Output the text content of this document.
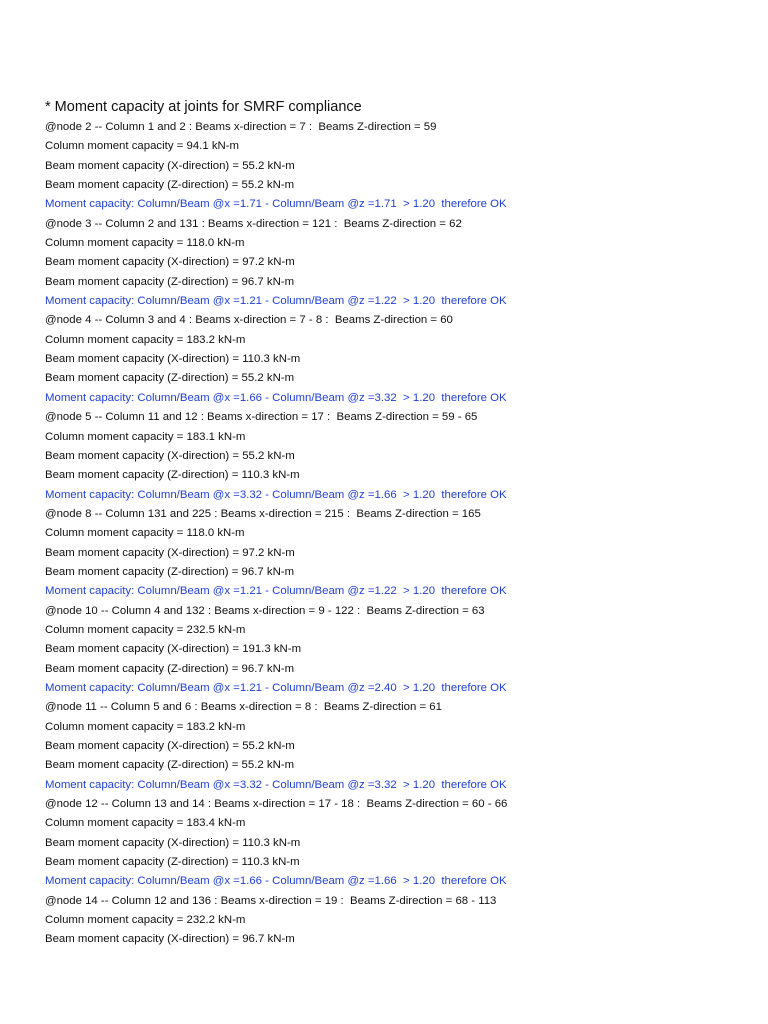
* Moment capacity at joints for SMRF compliance
@node 2 -- Column 1 and 2 : Beams x-direction = 7 :  Beams Z-direction = 59
Column moment capacity = 94.1 kN-m
Beam moment capacity (X-direction) = 55.2 kN-m
Beam moment capacity (Z-direction) = 55.2 kN-m
Moment capacity: Column/Beam @x =1.71 - Column/Beam @z =1.71  > 1.20  therefore OK
@node 3 -- Column 2 and 131 : Beams x-direction = 121 :  Beams Z-direction = 62
Column moment capacity = 118.0 kN-m
Beam moment capacity (X-direction) = 97.2 kN-m
Beam moment capacity (Z-direction) = 96.7 kN-m
Moment capacity: Column/Beam @x =1.21 - Column/Beam @z =1.22  > 1.20  therefore OK
@node 4 -- Column 3 and 4 : Beams x-direction = 7 - 8 :  Beams Z-direction = 60
Column moment capacity = 183.2 kN-m
Beam moment capacity (X-direction) = 110.3 kN-m
Beam moment capacity (Z-direction) = 55.2 kN-m
Moment capacity: Column/Beam @x =1.66 - Column/Beam @z =3.32  > 1.20  therefore OK
@node 5 -- Column 11 and 12 : Beams x-direction = 17 :  Beams Z-direction = 59 - 65
Column moment capacity = 183.1 kN-m
Beam moment capacity (X-direction) = 55.2 kN-m
Beam moment capacity (Z-direction) = 110.3 kN-m
Moment capacity: Column/Beam @x =3.32 - Column/Beam @z =1.66  > 1.20  therefore OK
@node 8 -- Column 131 and 225 : Beams x-direction = 215 :  Beams Z-direction = 165
Column moment capacity = 118.0 kN-m
Beam moment capacity (X-direction) = 97.2 kN-m
Beam moment capacity (Z-direction) = 96.7 kN-m
Moment capacity: Column/Beam @x =1.21 - Column/Beam @z =1.22  > 1.20  therefore OK
@node 10 -- Column 4 and 132 : Beams x-direction = 9 - 122 :  Beams Z-direction = 63
Column moment capacity = 232.5 kN-m
Beam moment capacity (X-direction) = 191.3 kN-m
Beam moment capacity (Z-direction) = 96.7 kN-m
Moment capacity: Column/Beam @x =1.21 - Column/Beam @z =2.40  > 1.20  therefore OK
@node 11 -- Column 5 and 6 : Beams x-direction = 8 :  Beams Z-direction = 61
Column moment capacity = 183.2 kN-m
Beam moment capacity (X-direction) = 55.2 kN-m
Beam moment capacity (Z-direction) = 55.2 kN-m
Moment capacity: Column/Beam @x =3.32 - Column/Beam @z =3.32  > 1.20  therefore OK
@node 12 -- Column 13 and 14 : Beams x-direction = 17 - 18 :  Beams Z-direction = 60 - 66
Column moment capacity = 183.4 kN-m
Beam moment capacity (X-direction) = 110.3 kN-m
Beam moment capacity (Z-direction) = 110.3 kN-m
Moment capacity: Column/Beam @x =1.66 - Column/Beam @z =1.66  > 1.20  therefore OK
@node 14 -- Column 12 and 136 : Beams x-direction = 19 :  Beams Z-direction = 68 - 113
Column moment capacity = 232.2 kN-m
Beam moment capacity (X-direction) = 96.7 kN-m
